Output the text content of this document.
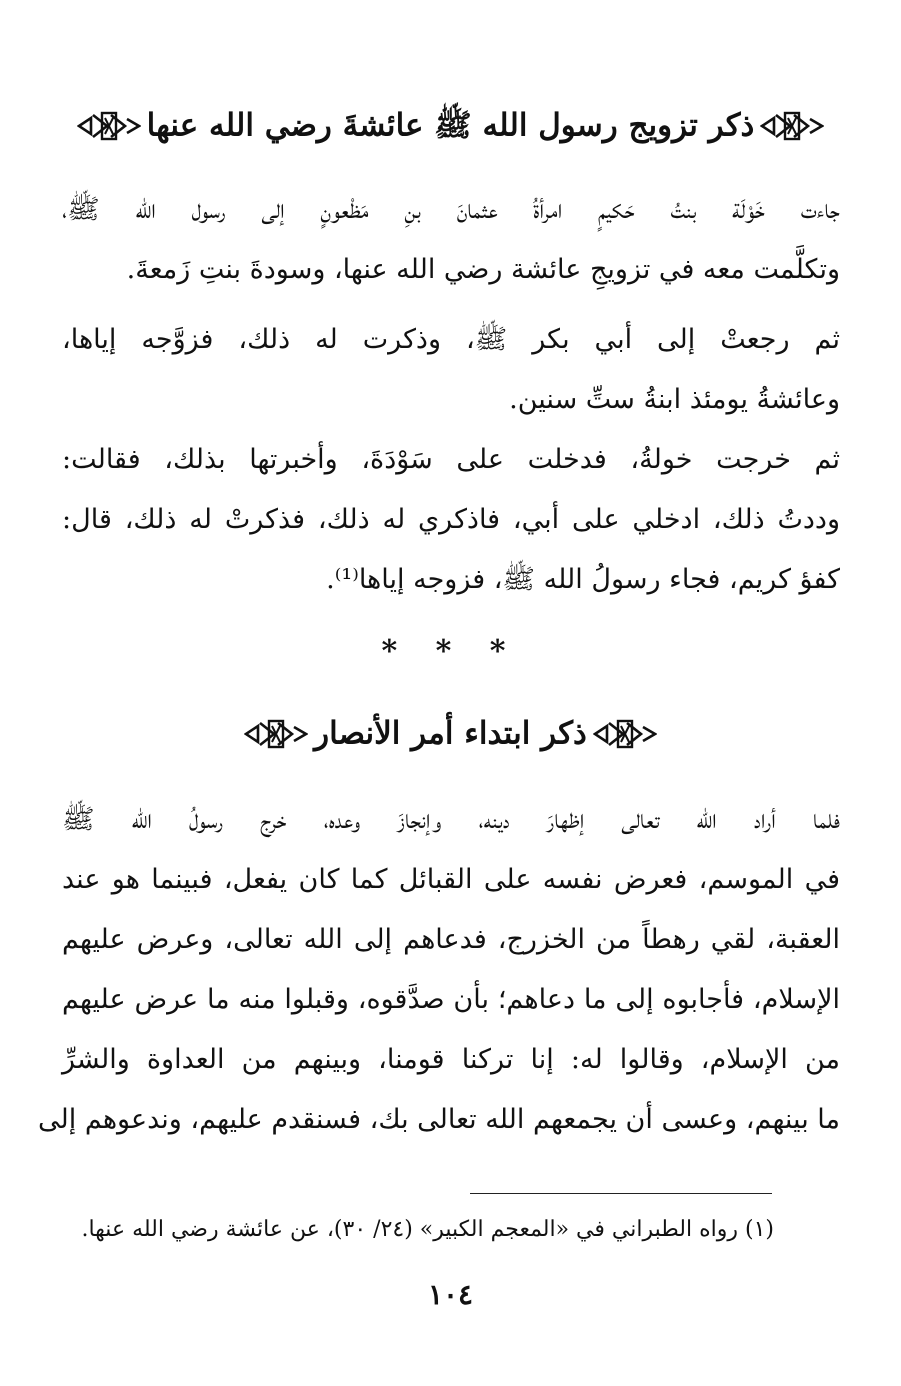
ذكر تزويج رسول الله ﷺ عائشةَ رضي الله عنها
جاءت خَوْلَة بنتُ حَكيمٍ امرأةُ عثمانَ بنِ مَظْعونٍ إلى رسول الله ﷺ،
وتكلَّمت معه في تزويجِ عائشة رضي الله عنها، وسودةَ بنتِ زَمعةَ.
ثم رجعتْ إلى أبي بكر ﷺ، وذكرت له ذلك، فزوَّجه إياها،
وعائشةُ يومئذ ابنةُ ستِّ سنين.
ثم خرجت خولةُ، فدخلت على سَوْدَةَ، وأخبرتها بذلك، فقالت:
وددتُ ذلك، ادخلي على أبي، فاذكري له ذلك، فذكرتْ له ذلك، قال:
كفؤ كريم، فجاء رسولُ الله ﷺ، فزوجه إياها⁽¹⁾.
* * *
ذكر ابتداء أمر الأنصار
فلما أراد الله تعالى إظهارَ دينه، وإنجازَ وعده، خرج رسولُ الله ﷺ
في الموسم، فعرض نفسه على القبائل كما كان يفعل، فبينما هو عند
العقبة، لقي رهطاً من الخزرج، فدعاهم إلى الله تعالى، وعرض عليهم
الإسلام، فأجابوه إلى ما دعاهم؛ بأن صدَّقوه، وقبلوا منه ما عرض عليهم
من الإسلام، وقالوا له: إنا تركنا قومنا، وبينهم من العداوة والشرِّ
ما بينهم، وعسى أن يجمعهم الله تعالى بك، فسنقدم عليهم، وندعوهم إلى
(١) رواه الطبراني في «المعجم الكبير» (٢٤/ ٣٠)، عن عائشة رضي الله عنها.
١٠٤
